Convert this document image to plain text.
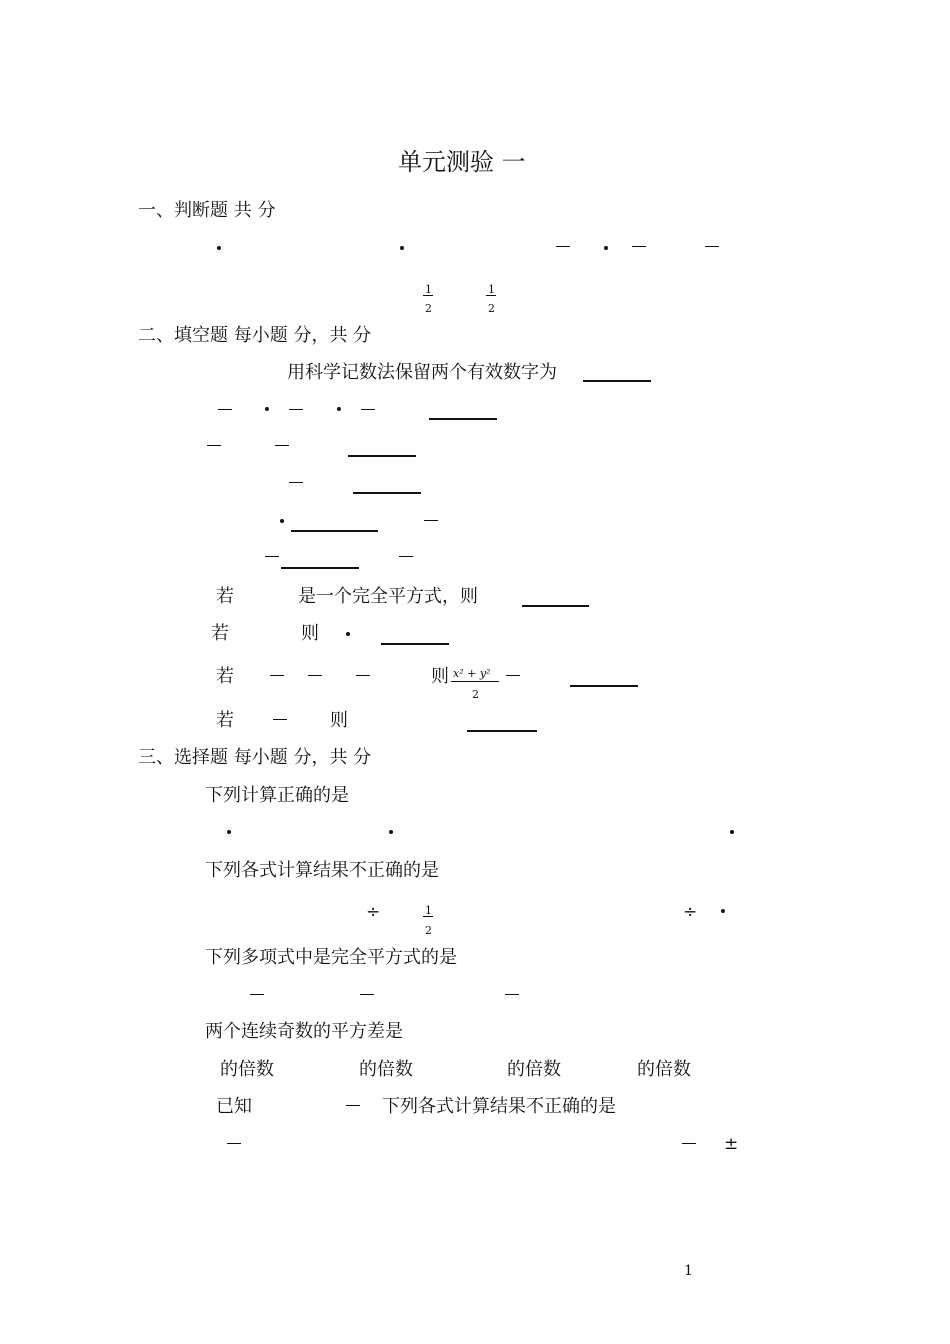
单元测验 一
一、判断题 共 分
1
2
1
2
二、填空题 每小题 分，共 分
用科学记数法保留两个有效数字为
若	是一个完全平方式，则
若	则
若	则 x² + y²
2
若	则
三、选择题 每小题 分，共 分
下列计算正确的是
下列各式计算结果不正确的是
÷	1
2
÷
下列多项式中是完全平方式的是
两个连续奇数的平方差是
的倍数	的倍数	的倍数	的倍数
已知	下列各式计算结果不正确的是
±
1
